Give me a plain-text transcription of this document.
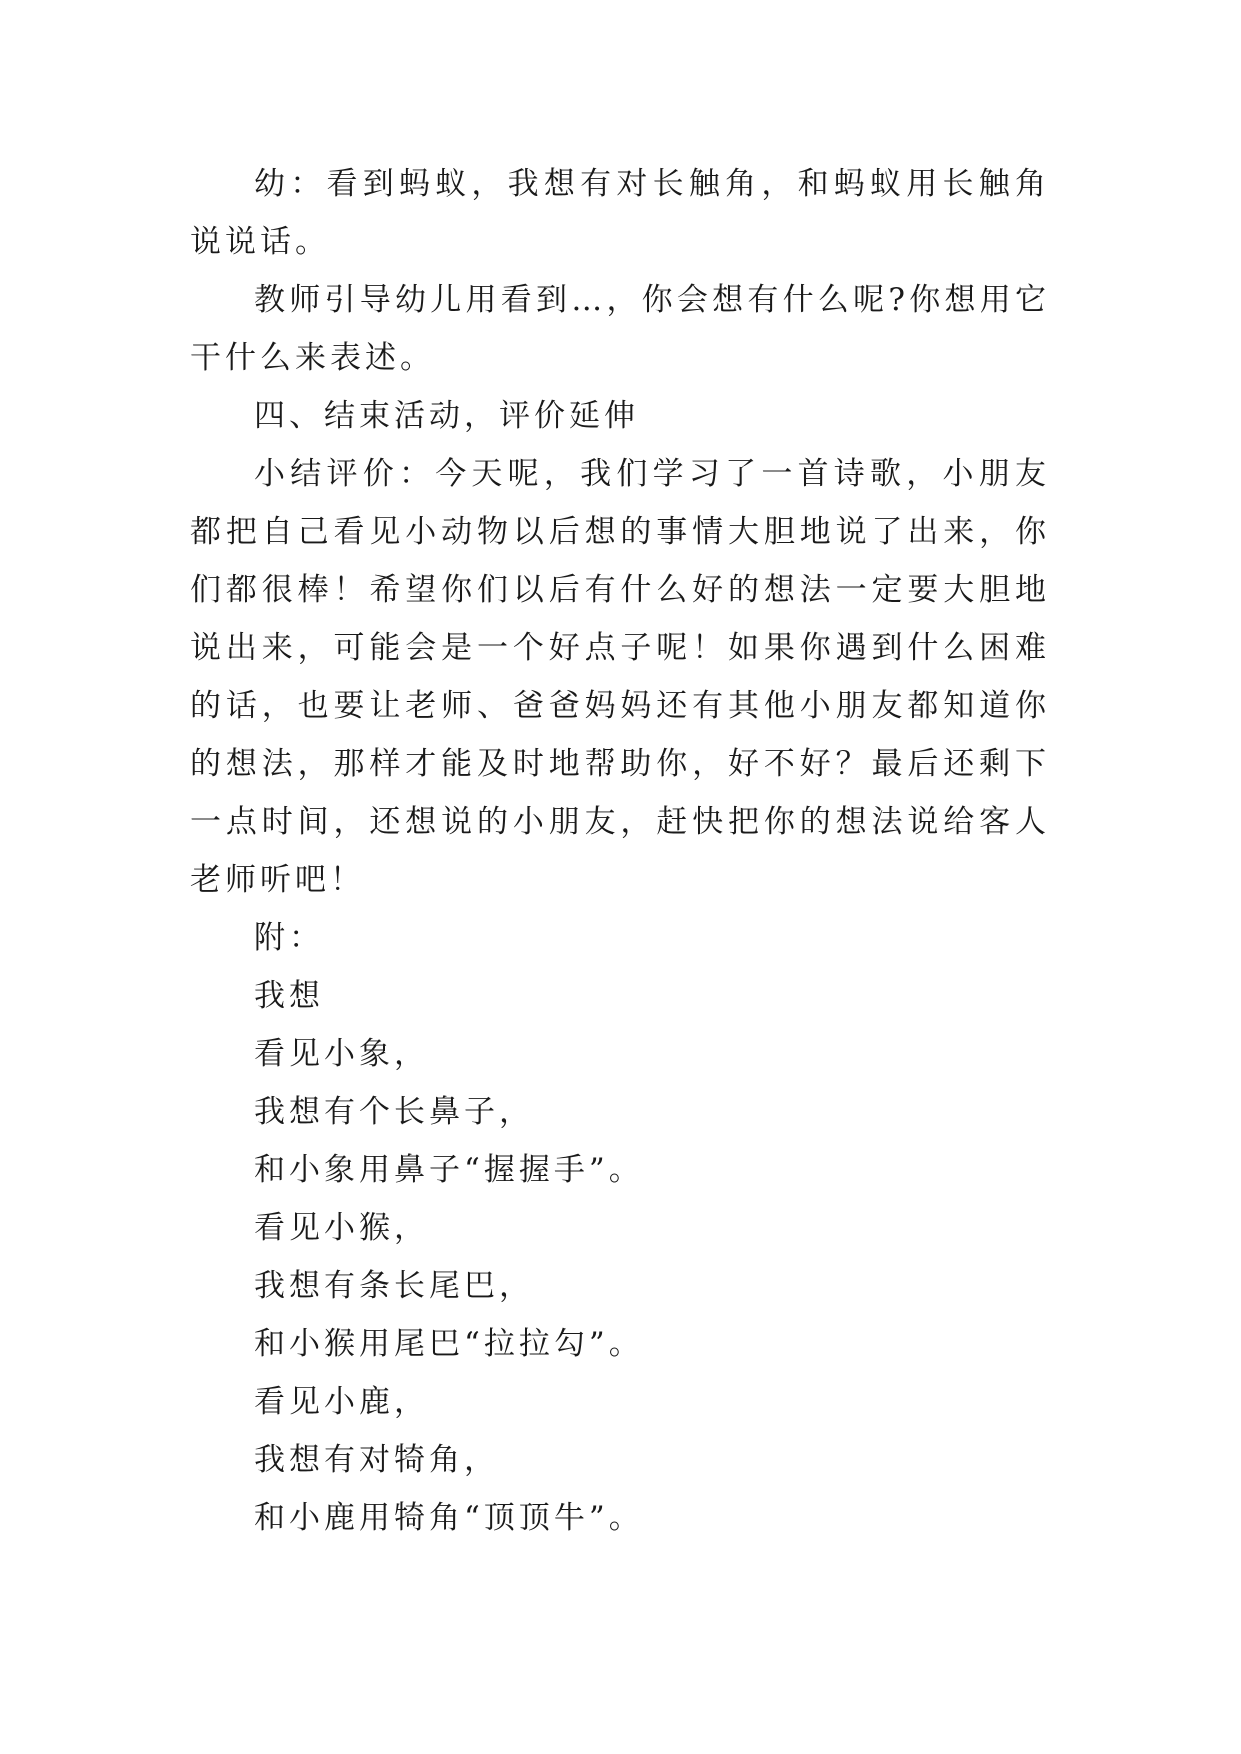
幼：看到蚂蚁，我想有对长触角，和蚂蚁用长触角说说话。

教师引导幼儿用看到…，你会想有什么呢?你想用它干什么来表述。

四、结束活动，评价延伸

小结评价：今天呢，我们学习了一首诗歌，小朋友都把自己看见小动物以后想的事情大胆地说了出来，你们都很棒！希望你们以后有什么好的想法一定要大胆地说出来，可能会是一个好点子呢！如果你遇到什么困难的话，也要让老师、爸爸妈妈还有其他小朋友都知道你的想法，那样才能及时地帮助你，好不好？最后还剩下一点时间，还想说的小朋友，赶快把你的想法说给客人老师听吧！

附：

我想

看见小象，

我想有个长鼻子，

和小象用鼻子“握握手”。

看见小猴，

我想有条长尾巴，

和小猴用尾巴“拉拉勾”。

看见小鹿，

我想有对犄角，

和小鹿用犄角“顶顶牛”。
